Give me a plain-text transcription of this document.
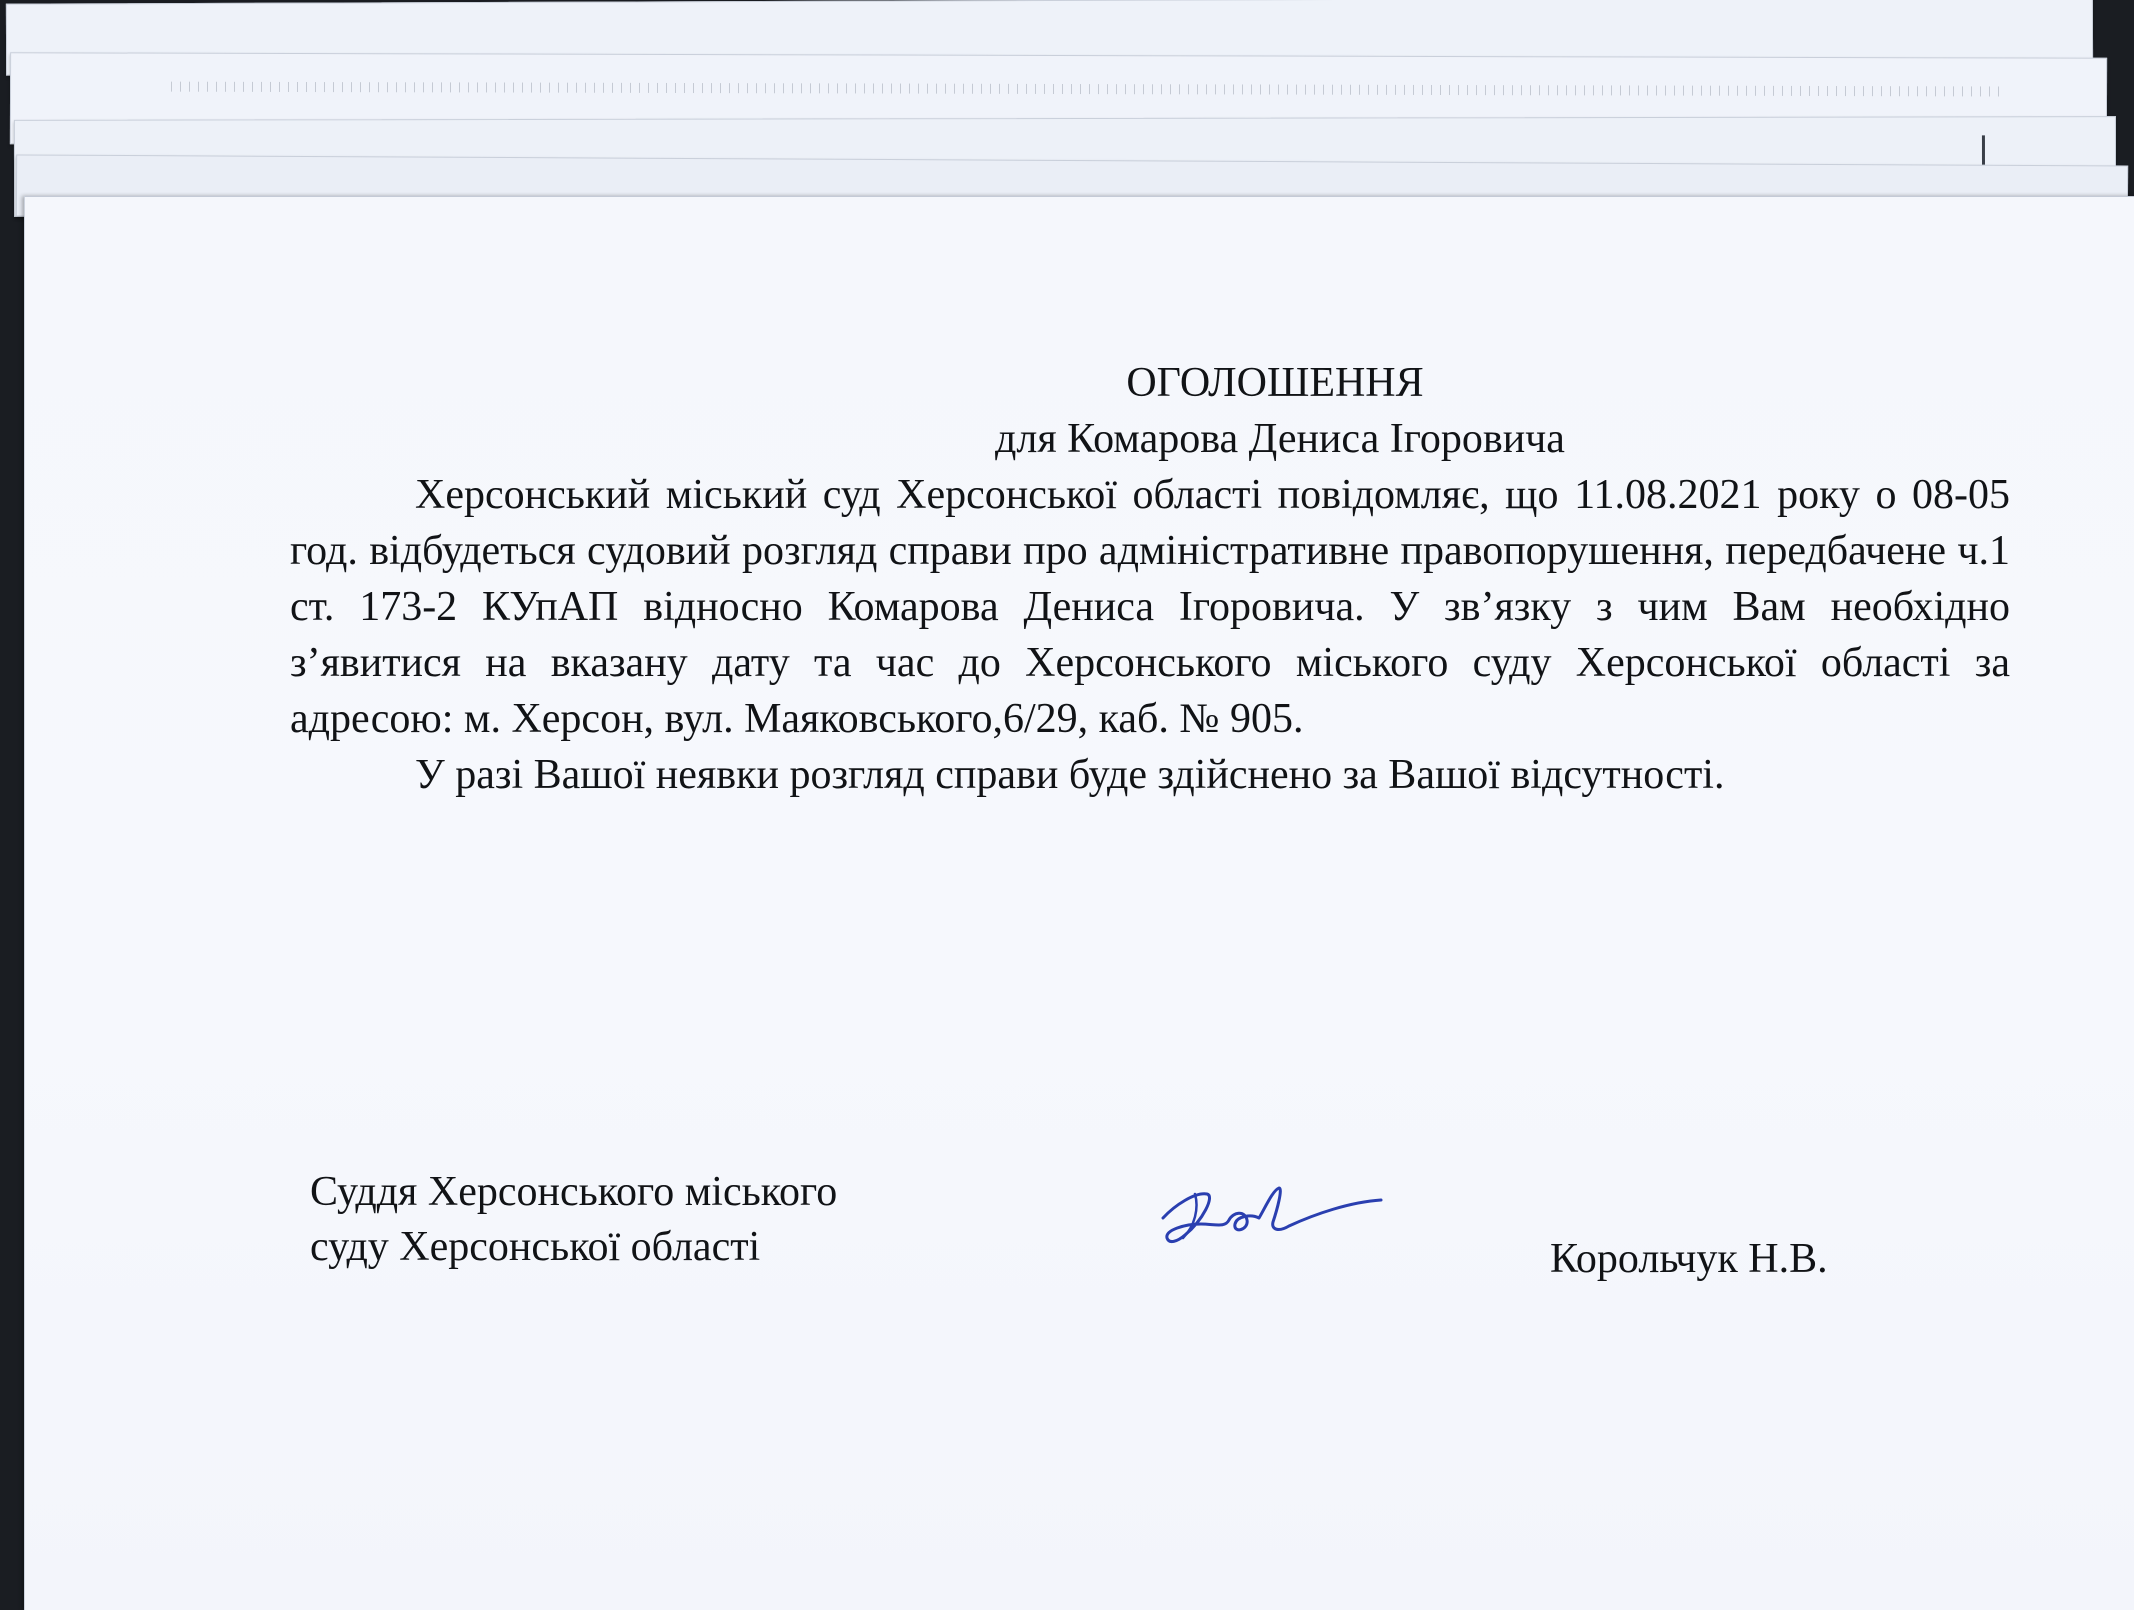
ОГОЛОШЕННЯ

для Комарова Дениса Ігоровича

Херсонський міський суд Херсонської області повідомляє, що 11.08.2021 року о 08-05 год. відбудеться судовий розгляд справи про адміністративне правопорушення, передбачене ч.1 ст. 173-2 КУпАП відносно Комарова Дениса Ігоровича. У зв’язку з чим Вам необхідно з’явитися на вказану дату та час до Херсонського міського суду Херсонської області за адресою: м. Херсон, вул. Маяковського,6/29, каб. № 905.

У разі Вашої неявки розгляд справи буде здійснено за Вашої відсутності.

Суддя Херсонського міського
суду Херсонської області	Корольчук Н.В.
